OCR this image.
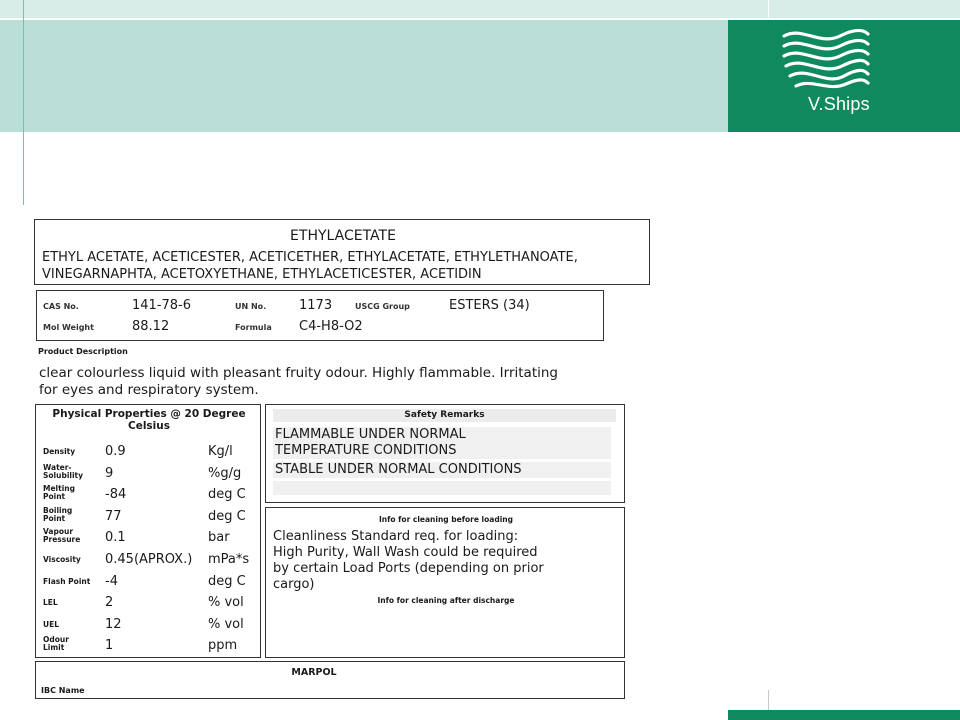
V.Ships
ETHYLACETATE
ETHYL ACETATE, ACETICESTER, ACETICETHER, ETHYLACETATE, ETHYLETHANOATE,
VINEGARNAPHTA, ACETOXYETHANE, ETHYLACETICESTER, ACETIDIN
CAS No.	141-78-6	UN No.	1173	USCG Group	ESTERS (34)
Mol Weight	88.12	Formula C4-H8-O2
Product Description
clear colourless liquid with pleasant fruity odour. Highly flammable. Irritating
for eyes and respiratory system.
Physical Properties @ 20 Degree
Celsius
Density 0.9	Kg/l
Water-
Solubility 9	%g/g
Melting
Point	-84	deg C
Boiling
Point	77	deg C
Vapour
Pressure 0.1	bar
Viscosity 0.45(APROX.) mPa*s
Flash Point -4	deg C
LEL	2	% vol
UEL	12	% vol
Odour
Limit	1	ppm
Safety Remarks
FLAMMABLE UNDER NORMAL
TEMPERATURE CONDITIONS
STABLE UNDER NORMAL CONDITIONS
Info for cleaning before loading
Cleanliness Standard req. for loading:
High Purity, Wall Wash could be required
by certain Load Ports (depending on prior
cargo)
Info for cleaning after discharge
MARPOL
IBC Name
